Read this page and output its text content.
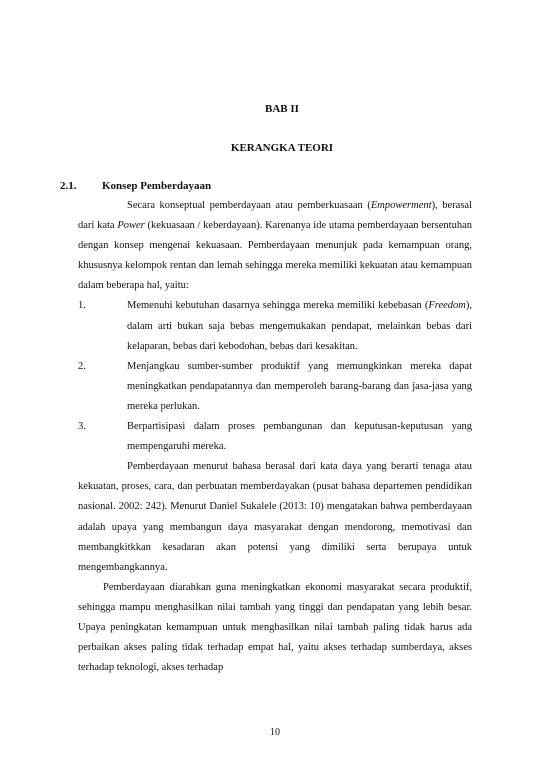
BAB II
KERANGKA TEORI
2.1. Konsep Pemberdayaan

Secara konseptual pemberdayaan atau pemberkuasaan (Empowerment), berasal dari kata Power (kekuasaan / keberdayaan). Karenanya ide utama pemberdayaan bersentuhan dengan konsep mengenai kekuasaan. Pemberdayaan menunjuk pada kemampuan orang, khususnya kelompok rentan dan lemah sehingga mereka memiliki kekuatan atau kemampuan dalam beberapa hal, yaitu:

1.	Memenuhi kebutuhan dasarnya sehingga mereka memiliki kebebasan (Freedom), dalam arti bukan saja bebas mengemukakan pendapat, melainkan bebas dari kelaparan, bebas dari kebodohan, bebas dari kesakitan.
2.	Menjangkau sumber-sumber produktif yang memungkinkan mereka dapat meningkatkan pendapatannya dan memperoleh barang-barang dan jasa-jasa yang mereka perlukan.
3.	Berpartisipasi dalam proses pembangunan dan keputusan-keputusan yang mempengaruhi mereka.

Pemberdayaan menurut bahasa berasal dari kata daya yang berarti tenaga atau kekuatan, proses, cara, dan perbuatan memberdayakan (pusat bahasa departemen pendidikan nasional. 2002: 242). Menurut Daniel Sukalele (2013: 10) mengatakan bahwa pemberdayaan adalah upaya yang membangun daya masyarakat dengan mendorong, memotivasi dan membangkitkkan kesadaran akan potensi yang dimiliki serta berupaya untuk mengembangkannya.

Pemberdayaan diarahkan guna meningkatkan ekonomi masyarakat secara produktif, sehingga mampu menghasilkan nilai tambah yang tinggi dan pendapatan yang lebih besar. Upaya peningkatan kemampuan untuk menghasilkan nilai tambah paling tidak harus ada perbaikan akses paling tidak terhadap empat hal, yaitu akses terhadap sumberdaya, akses terhadap teknologi, akses terhadap

10
